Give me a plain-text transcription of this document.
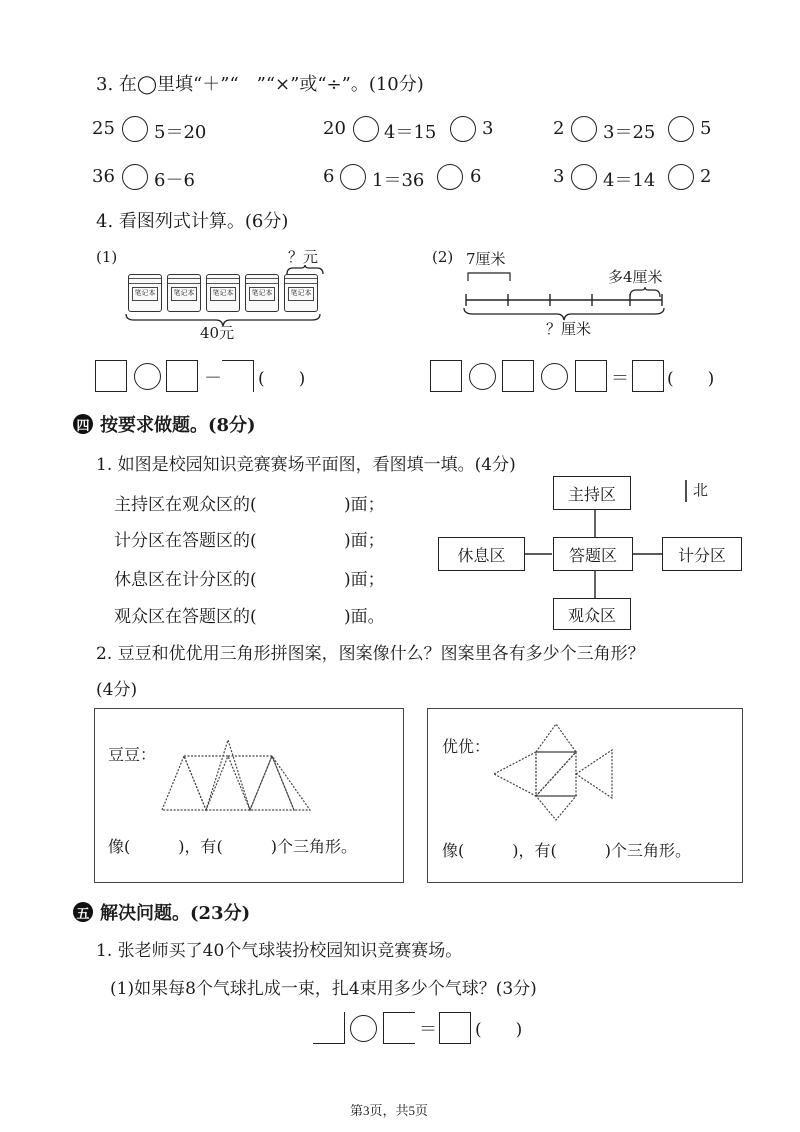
3. 在◯里填“＋”“　”“×”或“÷”。(10分)
25 5＝20	20 4＝15	3	2 3＝25 5
36 6－6	6 1＝36	6	3 4＝14 2
4. 看图列式计算。(6分)
(1)	？元
笔记本	笔记本	笔记本	笔记本	笔记本
40元
－ (　　)
(2) 7厘米
多4厘米
？厘米
＝ (　　)
四 按要求做题。(8分)
1. 如图是校园知识竞赛赛场平面图，看图填一填。(4分)
主持区在观众区的(	)面；
计分区在答题区的(	)面；
休息区在计分区的(	)面；
观众区在答题区的(	)面。
主持区
休息区	答题区	计分区
观众区
北
2. 豆豆和优优用三角形拼图案，图案像什么？图案里各有多少个三角形？
(4分)
豆豆：
像(　　　)，有(　　　)个三角形。
优优：
像(　　　)，有(　　　)个三角形。
五 解决问题。(23分)
1. 张老师买了40个气球装扮校园知识竞赛赛场。
(1)如果每8个气球扎成一束，扎4束用多少个气球？(3分)
＝ (　　)
第3页，共5页
